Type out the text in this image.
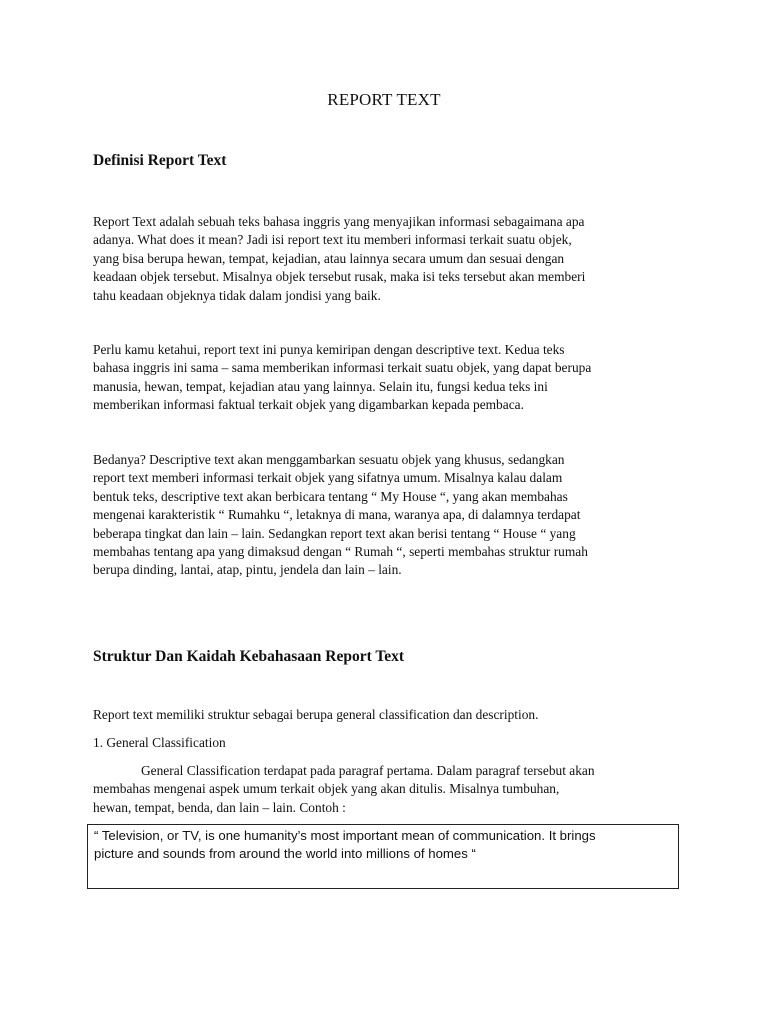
REPORT TEXT
Definisi Report Text
Report Text adalah sebuah teks bahasa inggris yang menyajikan informasi sebagaimana apa
adanya. What does it mean? Jadi isi report text itu memberi informasi terkait suatu objek,
yang bisa berupa hewan, tempat, kejadian, atau lainnya secara umum dan sesuai dengan
keadaan objek tersebut. Misalnya objek tersebut rusak, maka isi teks tersebut akan memberi
tahu keadaan objeknya tidak dalam jondisi yang baik.
Perlu kamu ketahui, report text ini punya kemiripan dengan descriptive text. Kedua teks
bahasa inggris ini sama – sama memberikan informasi terkait suatu objek, yang dapat berupa
manusia, hewan, tempat, kejadian atau yang lainnya. Selain itu, fungsi kedua teks ini
memberikan informasi faktual terkait objek yang digambarkan kepada pembaca.
Bedanya? Descriptive text akan menggambarkan sesuatu objek yang khusus, sedangkan
report text memberi informasi terkait objek yang sifatnya umum. Misalnya kalau dalam
bentuk teks, descriptive text akan berbicara tentang “ My House “, yang akan membahas
mengenai karakteristik “ Rumahku “, letaknya di mana, waranya apa, di dalamnya terdapat
beberapa tingkat dan lain – lain. Sedangkan report text akan berisi tentang “ House “ yang
membahas tentang apa yang dimaksud dengan “ Rumah “, seperti membahas struktur rumah
berupa dinding, lantai, atap, pintu, jendela dan lain – lain.
Struktur Dan Kaidah Kebahasaan Report Text
Report text memiliki struktur sebagai berupa general classification dan description.
1. General Classification
General Classification terdapat pada paragraf pertama. Dalam paragraf tersebut akan
membahas mengenai aspek umum terkait objek yang akan ditulis. Misalnya tumbuhan,
hewan, tempat, benda, dan lain – lain. Contoh :
“ Television, or TV, is one humanity’s most important mean of communication. It brings
picture and sounds from around the world into millions of homes “
